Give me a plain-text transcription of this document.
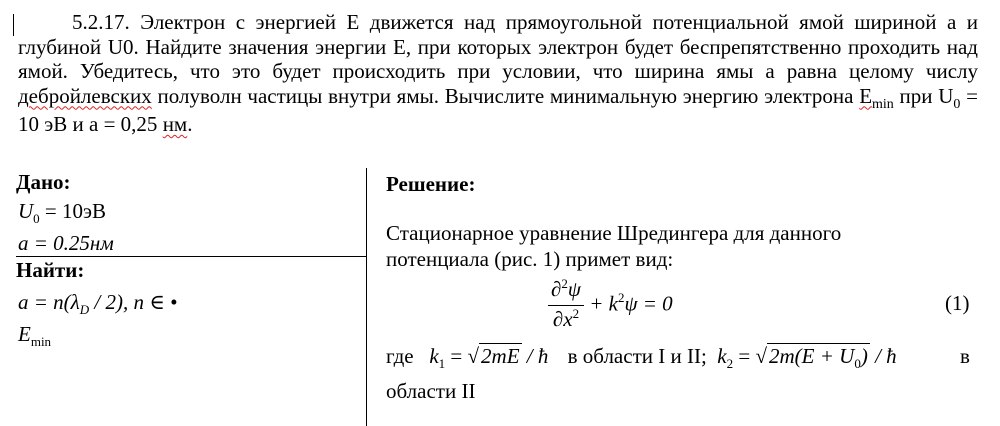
5.2.17. Электрон с энергией E движется над прямоугольной потенциальной ямой шириной a и глубиной U0. Найдите значения энергии E, при которых электрон будет беспрепятственно проходить над ямой. Убедитесь, что это будет происходить при условии, что ширина ямы a равна целому числу дебройлевских полуволн частицы внутри ямы. Вычислите минимальную энергию электрона $E_{min}$ при $U_0 = 10$ эВ и a = 0,25 нм.

Дано:
$U_0 = 10эВ$
a = 0.25нм
Найти:
$a = n(\lambda_D / 2)$, n ∈ •
$E_{min}$
Решение:
Стационарное уравнение Шредингера для данного
потенциала (рис. 1) примет вид:
$\frac{\partial^2\psi}{\partial x^2} + k^2\psi = 0$	(1)
где $k_1 = √2mE$ / ħ в области I и II; $k_2 = √2m(E + U_0)$ / ħ	в
области II
